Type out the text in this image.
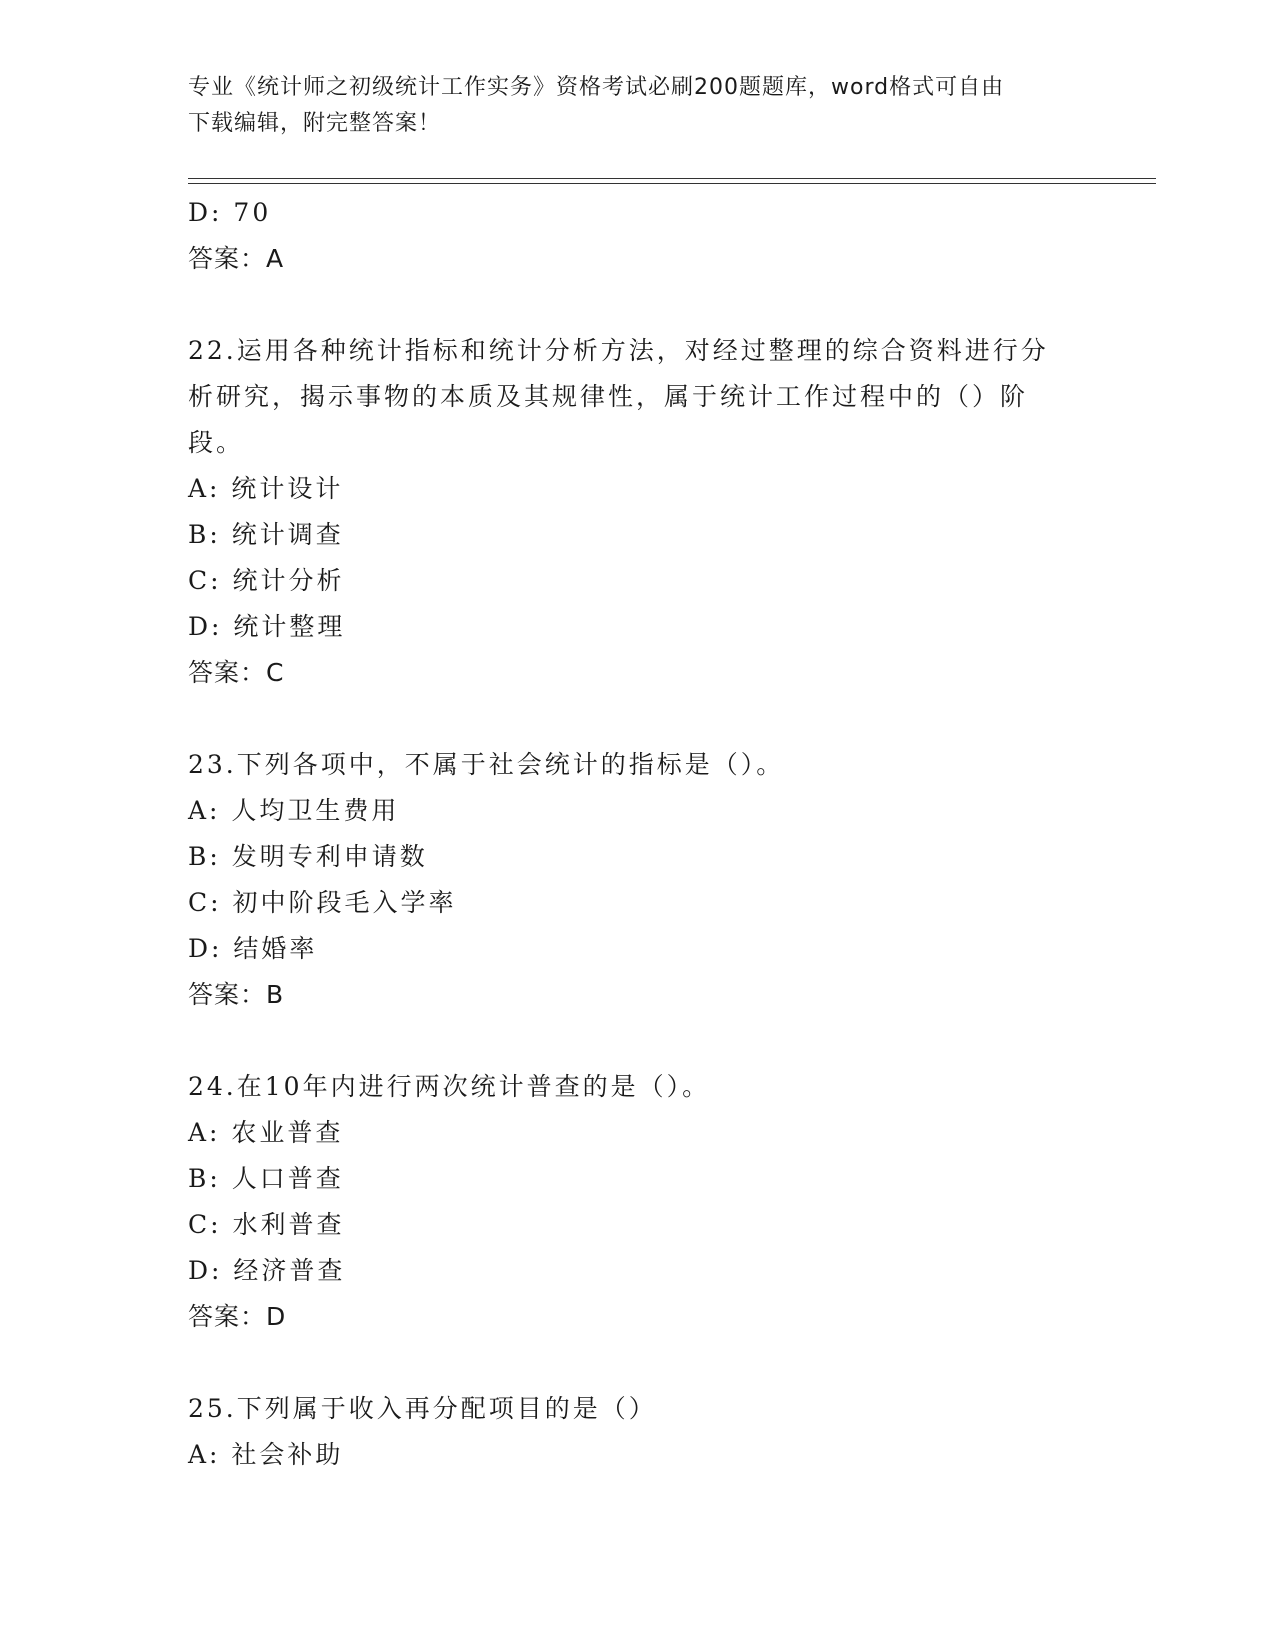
专业《统计师之初级统计工作实务》资格考试必刷200题题库，word格式可自由
下载编辑，附完整答案！
D: 70
答案：A
22.运用各种统计指标和统计分析方法，对经过整理的综合资料进行分
析研究，揭示事物的本质及其规律性，属于统计工作过程中的（）阶
段。
A: 统计设计
B: 统计调查
C: 统计分析
D: 统计整理
答案：C
23.下列各项中，不属于社会统计的指标是（）。
A: 人均卫生费用
B: 发明专利申请数
C: 初中阶段毛入学率
D: 结婚率
答案：B
24.在10年内进行两次统计普查的是（）。
A: 农业普查
B: 人口普查
C: 水利普查
D: 经济普查
答案：D
25.下列属于收入再分配项目的是（）
A: 社会补助
